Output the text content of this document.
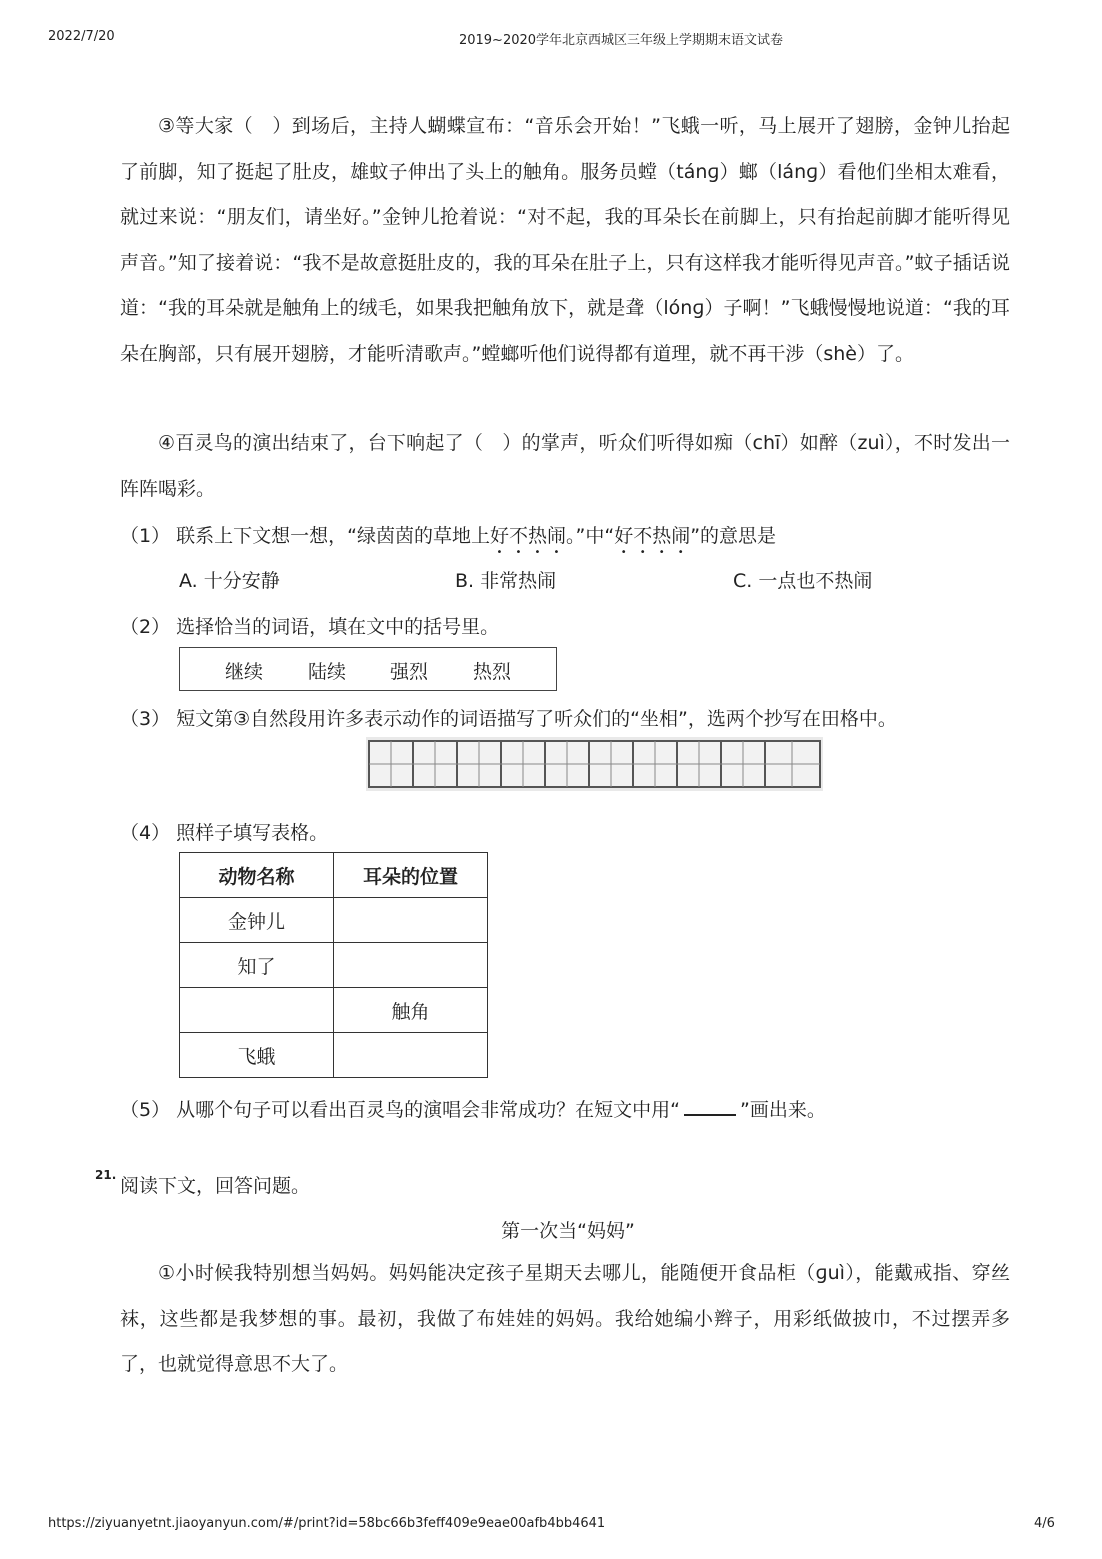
2022/7/20	2019~2020学年北京西城区三年级上学期期末语文试卷
③等大家（　）到场后，主持人蝴蝶宣布：“音乐会开始！”飞蛾一听，马上展开了翅膀，金钟儿抬起了前脚，知了挺起了肚皮，雄蚊子伸出了头上的触角。服务员螳（tánɡ）螂（lánɡ）看他们坐相太难看，就过来说：“朋友们，请坐好。”金钟儿抢着说：“对不起，我的耳朵长在前脚上，只有抬起前脚才能听得见声音。”知了接着说：“我不是故意挺肚皮的，我的耳朵在肚子上，只有这样我才能听得见声音。”蚊子插话说道：“我的耳朵就是触角上的绒毛，如果我把触角放下，就是聋（lónɡ）子啊！”飞蛾慢慢地说道：“我的耳朵在胸部，只有展开翅膀，才能听清歌声。”螳螂听他们说得都有道理，就不再干涉（shè）了。
④百灵鸟的演出结束了，台下响起了（　）的掌声，听众们听得如痴（chī）如醉（zuì），不时发出一阵阵喝彩。
（1） 联系上下文想一想，“绿茵茵的草地上好不热闹。”中“好不热闹”的意思是
A. 十分安静	B. 非常热闹	C. 一点也不热闹
（2） 选择恰当的词语，填在文中的括号里。
继续 陆续 强烈 热烈
（3） 短文第③自然段用许多表示动作的词语描写了听众们的“坐相”，选两个抄写在田格中。
（4） 照样子填写表格。
动物名称	耳朵的位置
金钟儿	
知了	
	触角
飞蛾	
（5） 从哪个句子可以看出百灵鸟的演唱会非常成功？在短文中用“	”画出来。
21. 阅读下文，回答问题。
第一次当“妈妈”
①小时候我特别想当妈妈。妈妈能决定孩子星期天去哪儿，能随便开食品柜（ɡuì），能戴戒指、穿丝袜，这些都是我梦想的事。最初，我做了布娃娃的妈妈。我给她编小辫子，用彩纸做披巾，不过摆弄多了，也就觉得意思不大了。
https://ziyuanyetnt.jiaoyanyun.com/#/print?id=58bc66b3feff409e9eae00afb4bb4641	4/6
